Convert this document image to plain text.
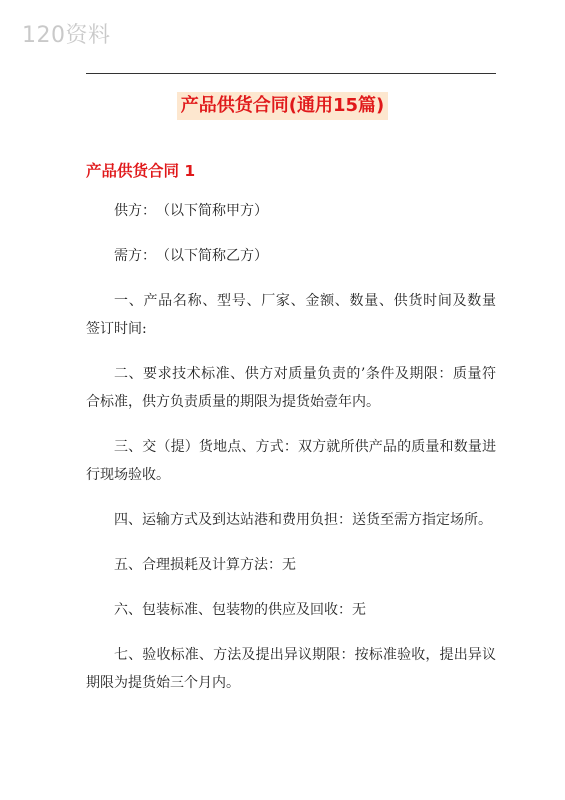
120资料
产品供货合同(通用15篇)
产品供货合同 1

供方：　（以下简称甲方）

需方：　（以下简称乙方）

一、产品名称、型号、厂家、金额、数量、供货时间及数量 签订时间:

二、要求技术标准、供方对质量负责的’条件及期限：质量符合标准，供方负责质量的期限为提货始壹年内。

三、交（提）货地点、方式：双方就所供产品的质量和数量进行现场验收。

四、运输方式及到达站港和费用负担：送货至需方指定场所。

五、合理损耗及计算方法：无

六、包装标准、包装物的供应及回收：无

七、验收标准、方法及提出异议期限：按标准验收，提出异议期限为提货始三个月内。
